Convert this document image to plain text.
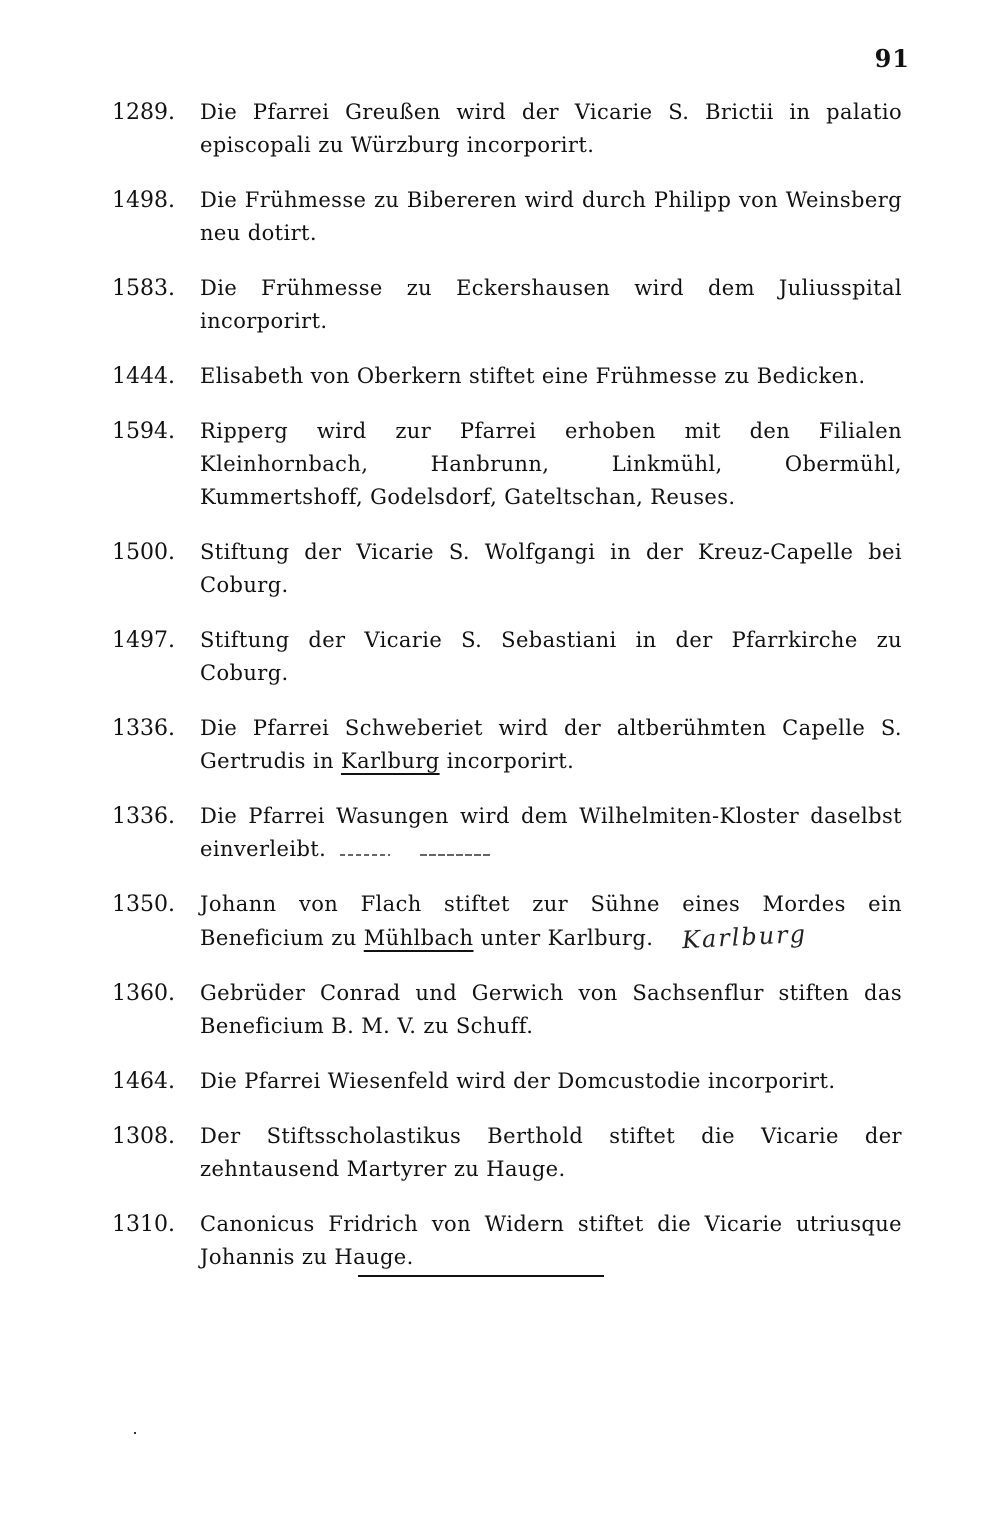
91
1289.	Die Pfarrei Greußen wird der Vicarie S. Brictii in palatio episcopali zu Würzburg incorporirt.
1498.	Die Frühmesse zu Bibereren wird durch Philipp von Weinsberg neu dotirt.
1583.	Die Frühmesse zu Eckershausen wird dem Juliusspital incorporirt.
1444.	Elisabeth von Oberkern stiftet eine Frühmesse zu Bedicken.
1594.	Ripperg wird zur Pfarrei erhoben mit den Filialen Kleinhornbach, Hanbrunn, Linkmühl, Obermühl, Kummertshoff, Godelsdorf, Gateltschan, Reuses.
1500.	Stiftung der Vicarie S. Wolfgangi in der Kreuz-Capelle bei Coburg.
1497.	Stiftung der Vicarie S. Sebastiani in der Pfarrkirche zu Coburg.
1336.	Die Pfarrei Schweberiet wird der altberühmten Capelle S. Gertrudis in Karlburg incorporirt.
1336.	Die Pfarrei Wasungen wird dem Wilhelmiten-Kloster daselbst einverleibt.
1350.	Johann von Flach stiftet zur Sühne eines Mordes ein Beneficium zu Mühlbach unter Karlburg. Karlburg
1360.	Gebrüder Conrad und Gerwich von Sachsenflur stiften das Beneficium B. M. V. zu Schuff.
1464.	Die Pfarrei Wiesenfeld wird der Domcustodie incorporirt.
1308.	Der Stiftsscholastikus Berthold stiftet die Vicarie der zehntausend Martyrer zu Hauge.
1310.	Canonicus Fridrich von Widern stiftet die Vicarie utriusque Johannis zu Hauge.
